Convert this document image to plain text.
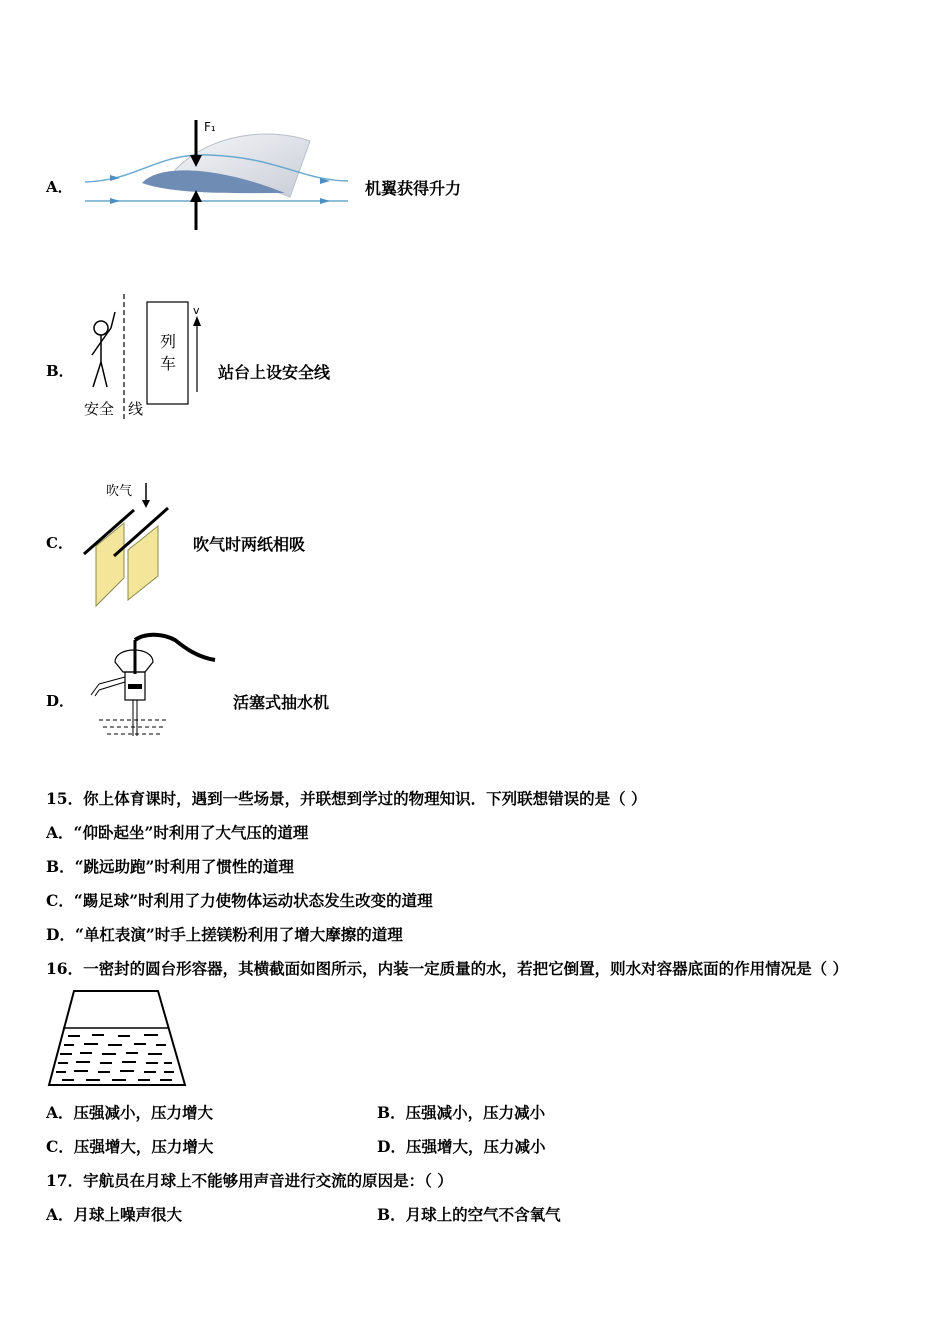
A．
F₁
机翼获得升力
B．
列
车
v
安全 线
站台上设安全线
C．
吹气
吹气时两纸相吸
D．	活塞式抽水机
15．你上体育课时，遇到一些场景，并联想到学过的物理知识．下列联想错误的是（ ）
A．“仰卧起坐”时利用了大气压的道理
B．“跳远助跑”时利用了惯性的道理
C．“踢足球”时利用了力使物体运动状态发生改变的道理
D．“单杠表演”时手上搓镁粉利用了增大摩擦的道理
16．一密封的圆台形容器，其横截面如图所示，内装一定质量的水，若把它倒置，则水对容器底面的作用情况是（ ）
A．压强减小，压力增大	B．压强减小，压力减小
C．压强增大，压力增大	D．压强增大，压力减小
17．宇航员在月球上不能够用声音进行交流的原因是：（ ）
A．月球上噪声很大	B．月球上的空气不含氧气
